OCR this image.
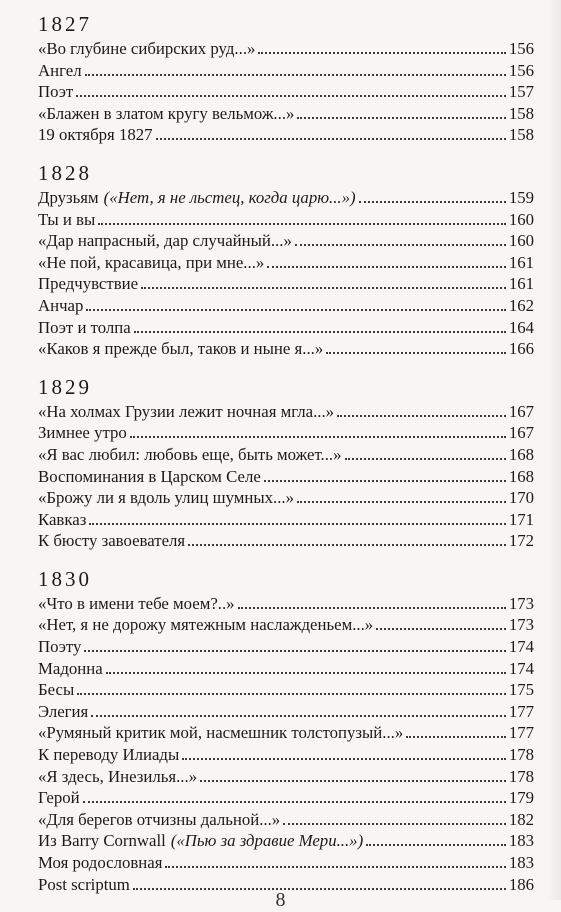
1827
«Во глубине сибирских руд...»	156
Ангел	156
Поэт	157
«Блажен в златом кругу вельмож...»	158
19 октября 1827	158
1828
Друзьям («Нет, я не льстец, когда царю...»)	159
Ты и вы	160
«Дар напрасный, дар случайный...»	160
«Не пой, красавица, при мне...»	161
Предчувствие	161
Анчар	162
Поэт и толпа	164
«Каков я прежде был, таков и ныне я...»	166
1829
«На холмах Грузии лежит ночная мгла...»	167
Зимнее утро	167
«Я вас любил: любовь еще, быть может...»	168
Воспоминания в Царском Селе	168
«Брожу ли я вдоль улиц шумных...»	170
Кавказ	171
К бюсту завоевателя	172
1830
«Что в имени тебе моем?..»	173
«Нет, я не дорожу мятежным наслажденьем...»	173
Поэту	174
Мадонна	174
Бесы	175
Элегия	177
«Румяный критик мой, насмешник толстопузый...»	177
К переводу Илиады	178
«Я здесь, Инезилья...»	178
Герой	179
«Для берегов отчизны дальной...»	182
Из Barry Cornwall («Пью за здравие Мери...»)	183
Моя родословная	183
Post scriptum	186
8
